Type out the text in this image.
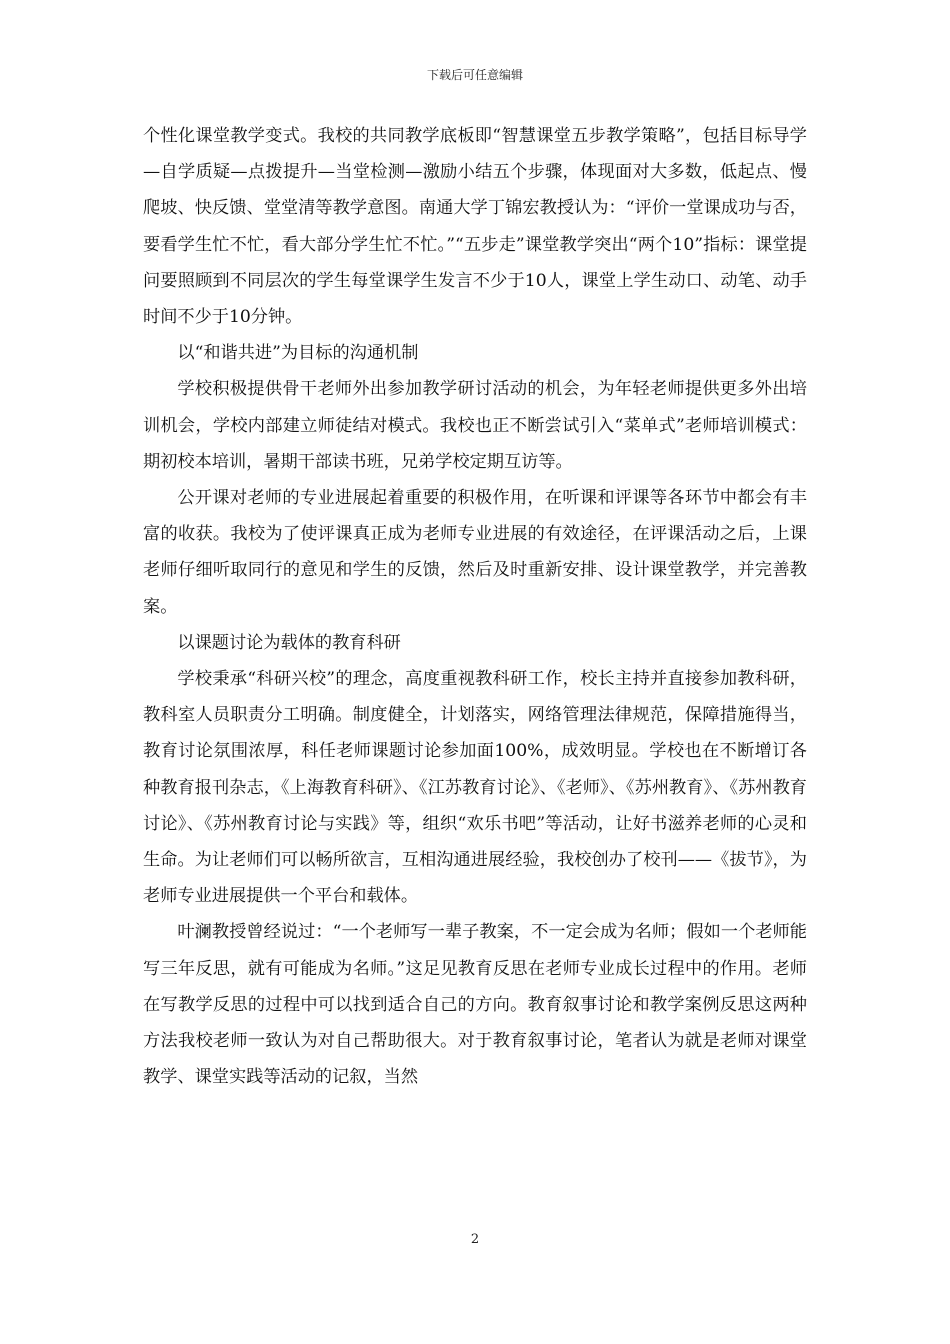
下载后可任意编辑

个性化课堂教学变式。我校的共同教学底板即“智慧课堂五步教学策略”，包括目标导学—自学质疑—点拨提升—当堂检测—激励小结五个步骤，体现面对大多数，低起点、慢爬坡、快反馈、堂堂清等教学意图。南通大学丁锦宏教授认为：“评价一堂课成功与否，要看学生忙不忙，看大部分学生忙不忙。”“五步走”课堂教学突出“两个10”指标：课堂提问要照顾到不同层次的学生每堂课学生发言不少于10人，课堂上学生动口、动笔、动手时间不少于10分钟。

以“和谐共进”为目标的沟通机制

学校积极提供骨干老师外出参加教学研讨活动的机会，为年轻老师提供更多外出培训机会，学校内部建立师徒结对模式。我校也正不断尝试引入“菜单式”老师培训模式：期初校本培训，暑期干部读书班，兄弟学校定期互访等。

公开课对老师的专业进展起着重要的积极作用，在听课和评课等各环节中都会有丰富的收获。我校为了使评课真正成为老师专业进展的有效途径，在评课活动之后，上课老师仔细听取同行的意见和学生的反馈，然后及时重新安排、设计课堂教学，并完善教案。

以课题讨论为载体的教育科研

学校秉承“科研兴校”的理念，高度重视教科研工作，校长主持并直接参加教科研，教科室人员职责分工明确。制度健全，计划落实，网络管理法律规范，保障措施得当，教育讨论氛围浓厚，科任老师课题讨论参加面100%，成效明显。学校也在不断增订各种教育报刊杂志，《上海教育科研》、《江苏教育讨论》、《老师》、《苏州教育》、《苏州教育讨论》、《苏州教育讨论与实践》等，组织“欢乐书吧”等活动，让好书滋养老师的心灵和生命。为让老师们可以畅所欲言，互相沟通进展经验，我校创办了校刊——《拔节》，为老师专业进展提供一个平台和载体。

叶澜教授曾经说过：“一个老师写一辈子教案，不一定会成为名师；假如一个老师能写三年反思，就有可能成为名师。”这足见教育反思在老师专业成长过程中的作用。老师在写教学反思的过程中可以找到适合自己的方向。教育叙事讨论和教学案例反思这两种方法我校老师一致认为对自己帮助很大。对于教育叙事讨论，笔者认为就是老师对课堂教学、课堂实践等活动的记叙，当然

2
